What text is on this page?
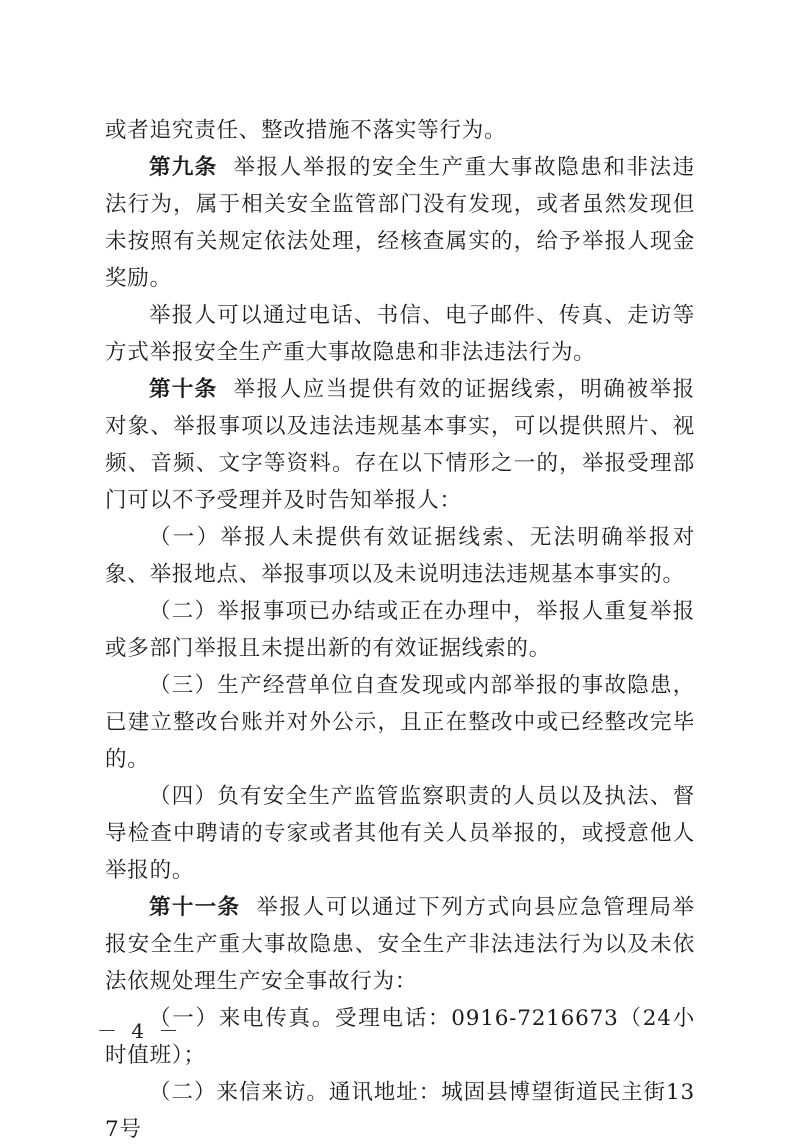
或者追究责任、整改措施不落实等行为。

第九条 举报人举报的安全生产重大事故隐患和非法违法行为，属于相关安全监管部门没有发现，或者虽然发现但未按照有关规定依法处理，经核查属实的，给予举报人现金奖励。

举报人可以通过电话、书信、电子邮件、传真、走访等方式举报安全生产重大事故隐患和非法违法行为。

第十条 举报人应当提供有效的证据线索，明确被举报对象、举报事项以及违法违规基本事实，可以提供照片、视频、音频、文字等资料。存在以下情形之一的，举报受理部门可以不予受理并及时告知举报人：

（一）举报人未提供有效证据线索、无法明确举报对象、举报地点、举报事项以及未说明违法违规基本事实的。

（二）举报事项已办结或正在办理中，举报人重复举报或多部门举报且未提出新的有效证据线索的。

（三）生产经营单位自查发现或内部举报的事故隐患，已建立整改台账并对外公示，且正在整改中或已经整改完毕的。

（四）负有安全生产监管监察职责的人员以及执法、督导检查中聘请的专家或者其他有关人员举报的，或授意他人举报的。

第十一条 举报人可以通过下列方式向县应急管理局举报安全生产重大事故隐患、安全生产非法违法行为以及未依法依规处理生产安全事故行为：

（一）来电传真。受理电话：0916-7216673（24小时值班）；

（二）来信来访。通讯地址：城固县博望街道民主街137号

－ 4 －
